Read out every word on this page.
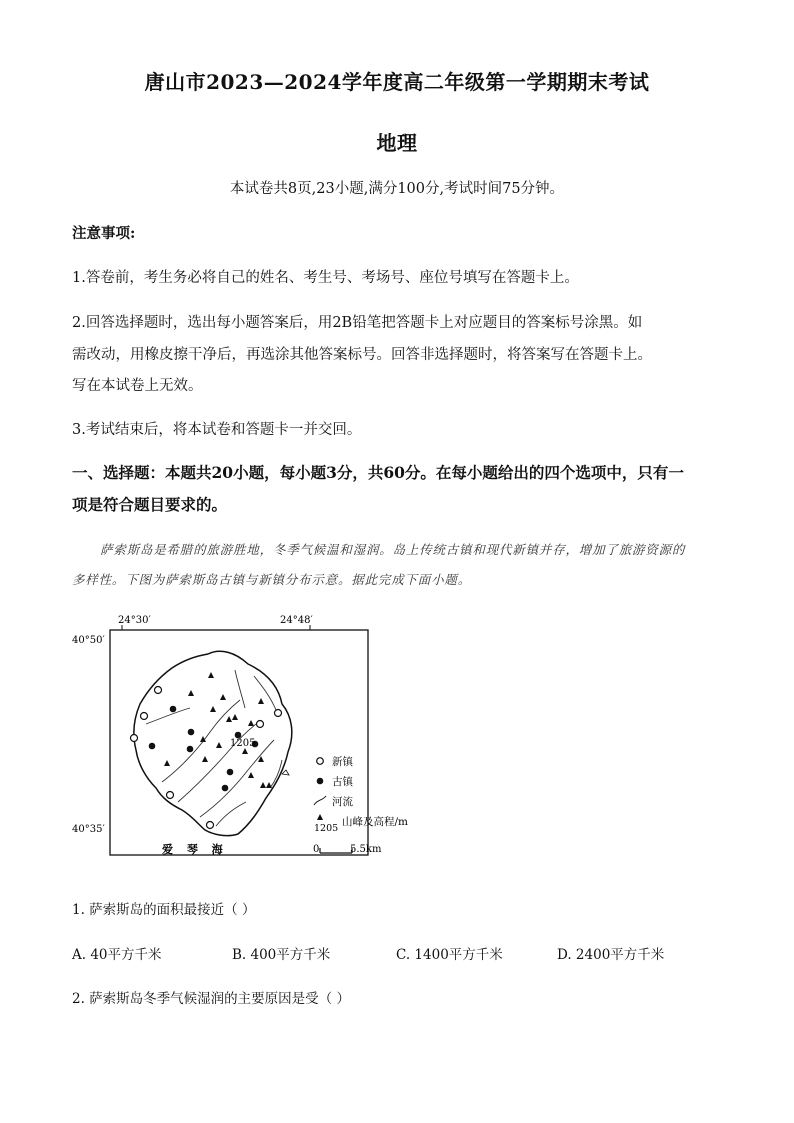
唐山市2023—2024学年度高二年级第一学期期末考试
地理
本试卷共8页,23小题,满分100分,考试时间75分钟。
注意事项:
1.答卷前，考生务必将自己的姓名、考生号、考场号、座位号填写在答题卡上。
2.回答选择题时，选出每小题答案后，用2B铅笔把答题卡上对应题目的答案标号涂黑。如
需改动，用橡皮擦干净后，再选涂其他答案标号。回答非选择题时，将答案写在答题卡上。
写在本试卷上无效。
3.考试结束后，将本试卷和答题卡一并交回。
一、选择题：本题共20小题，每小题3分，共60分。在每小题给出的四个选项中，只有一
项是符合题目要求的。
萨索斯岛是希腊的旅游胜地，冬季气候温和湿润。岛上传统古镇和现代新镇并存，增加了旅游资源的
多样性。下图为萨索斯岛古镇与新镇分布示意。据此完成下面小题。
24°30′	24°48′
40°50′
40°35′
1205
爱 琴 海
新镇
古镇
河流
1205
山峰及高程/m
0	5.5km
1. 萨索斯岛的面积最接近（ ）
A. 40平方千米	B. 400平方千米	C. 1400平方千米	D. 2400平方千米
2. 萨索斯岛冬季气候湿润的主要原因是受（ ）
